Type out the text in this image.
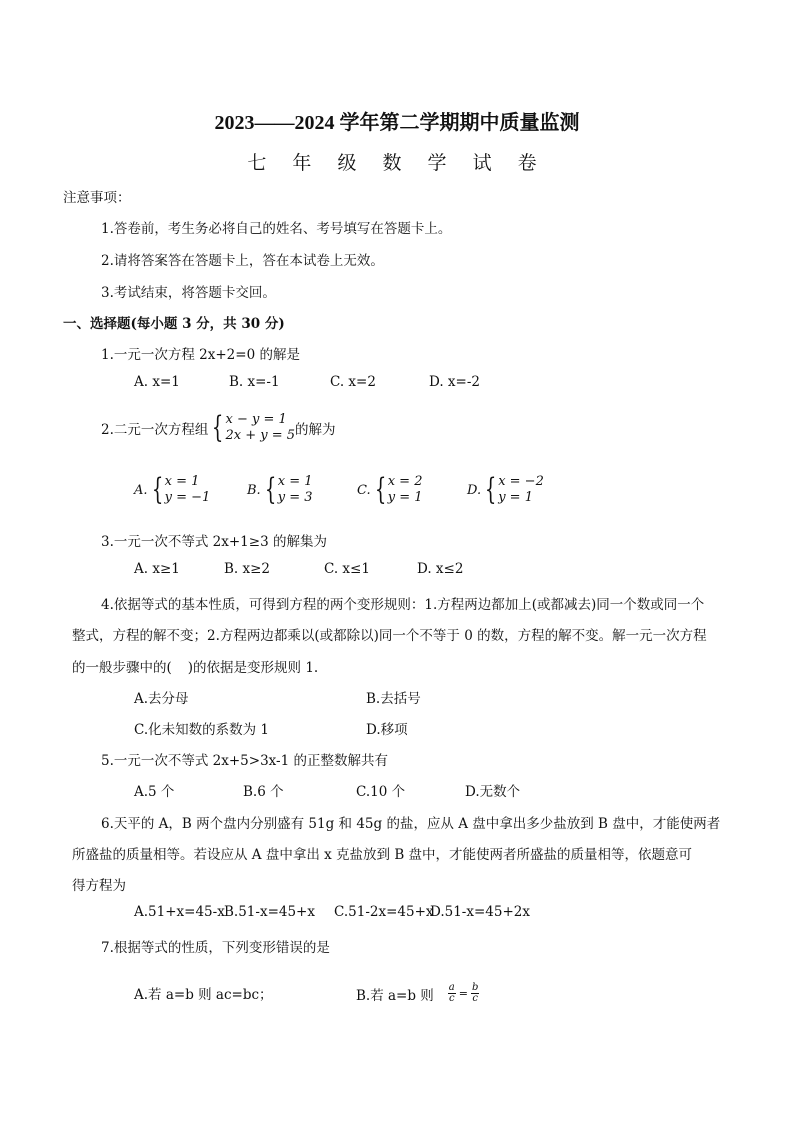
2023——2024 学年第二学期期中质量监测
七 年 级 数 学 试 卷
注意事项：
1.答卷前，考生务必将自己的姓名、考号填写在答题卡上。
2.请将答案答在答题卡上，答在本试卷上无效。
3.考试结束，将答题卡交回。
一、选择题(每小题 3 分，共 30 分)
1.一元一次方程 2x+2=0 的解是
A. x=1	B. x=-1	C. x=2	D. x=-2
2.二元一次方程组 { x − y = 1
2x + y = 5 的解为
A. { x = 1
y = −1	B. { x = 1
y = 3	C. { x = 2
y = 1	D. { x = −2
y = 1
3.一元一次不等式 2x+1≥3 的解集为
A. x≥1	B. x≥2	C. x≤1	D. x≤2
4.依据等式的基本性质，可得到方程的两个变形规则：1.方程两边都加上(或都减去)同一个数或同一个
整式，方程的解不变；2.方程两边都乘以(或都除以)同一个不等于 0 的数，方程的解不变。解一元一次方程
的一般步骤中的( )的依据是变形规则 1.
A.去分母	B.去括号
C.化未知数的系数为 1	D.移项
5.一元一次不等式 2x+5>3x-1 的正整数解共有
A.5 个	B.6 个	C.10 个	D.无数个
6.天平的 A，B 两个盘内分别盛有 51g 和 45g 的盐，应从 A 盘中拿出多少盐放到 B 盘中，才能使两者
所盛盐的质量相等。若设应从 A 盘中拿出 x 克盐放到 B 盘中，才能使两者所盛盐的质量相等，依题意可
得方程为
A.51+x=45-x B.51-x=45+x C.51-2x=45+x
D.51-x=45+2x
7.根据等式的性质，下列变形错误的是
A.若 a=b 则 ac=bc；	B.若 a=b 则 $\frac{a}{c} = \frac{b}{c}$
